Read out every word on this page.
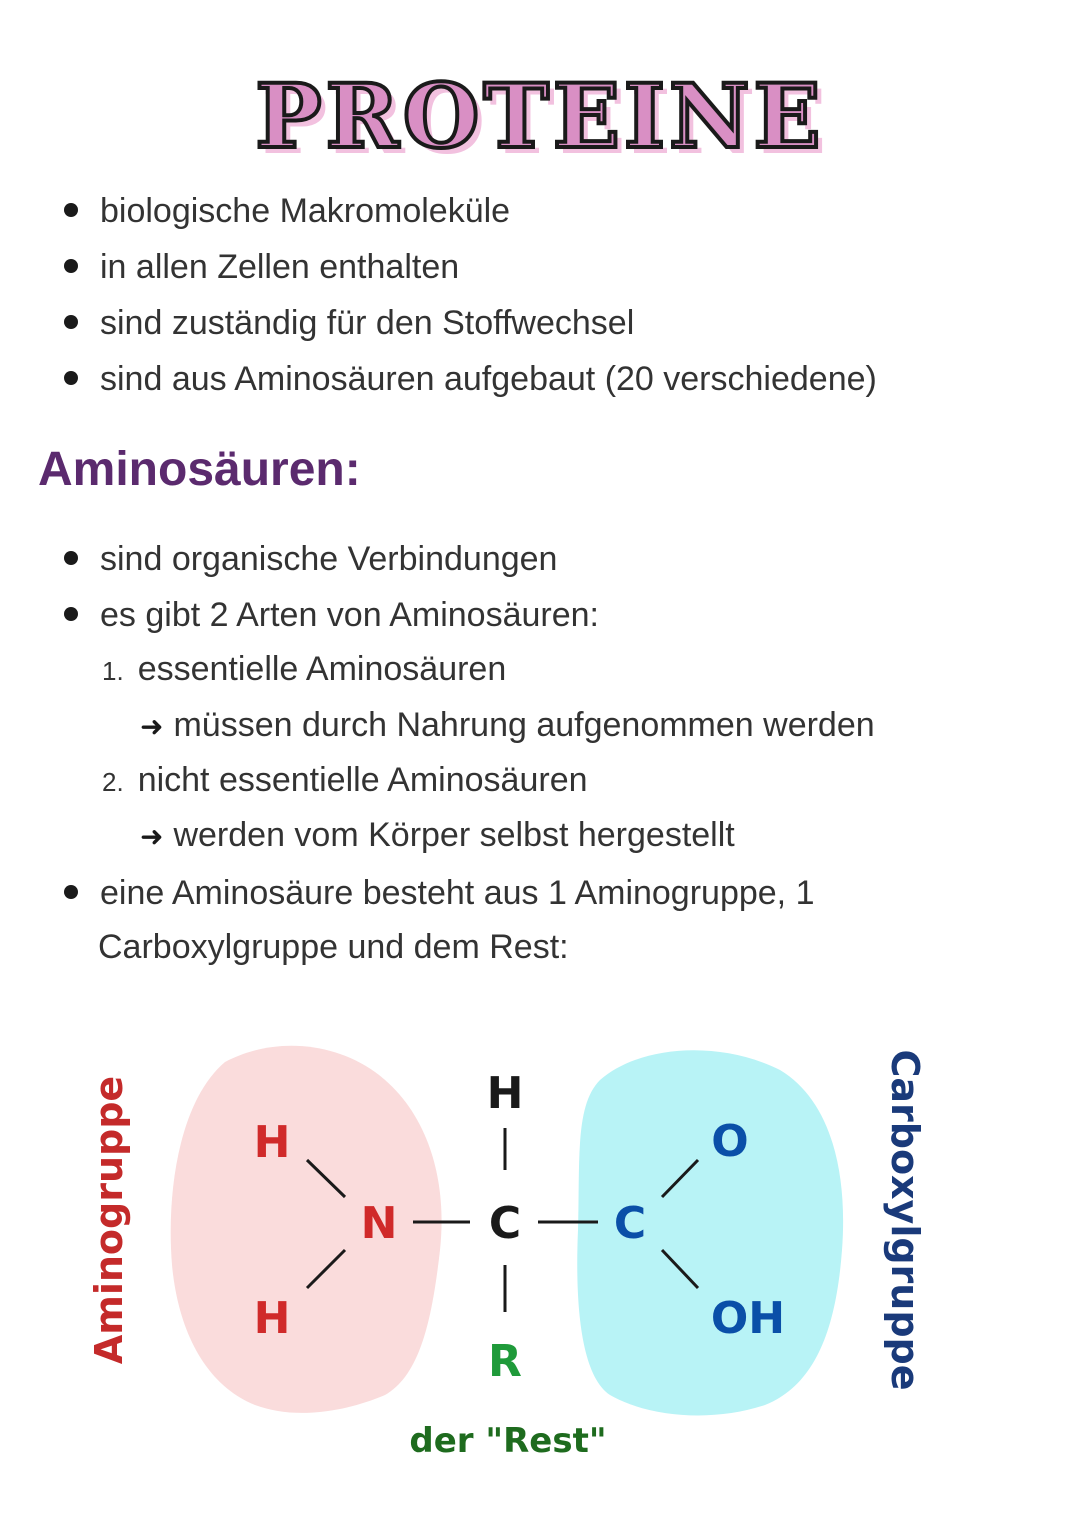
PROTEINE
biologische Makromoleküle
in allen Zellen enthalten
sind zuständig für den Stoffwechsel
sind aus Aminosäuren aufgebaut (20 verschiedene)
Aminosäuren:
sind organische Verbindungen
es gibt 2 Arten von Aminosäuren:
1. essentielle Aminosäuren
➜ müssen durch Nahrung aufgenommen werden
2. nicht essentielle Aminosäuren
➜ werden vom Körper selbst hergestellt
eine Aminosäure besteht aus 1 Aminogruppe, 1
Carboxylgruppe und dem Rest:
H
H
N
H
C
R
C
O
OH
Aminogruppe	Carboxylgruppe
der "Rest"
